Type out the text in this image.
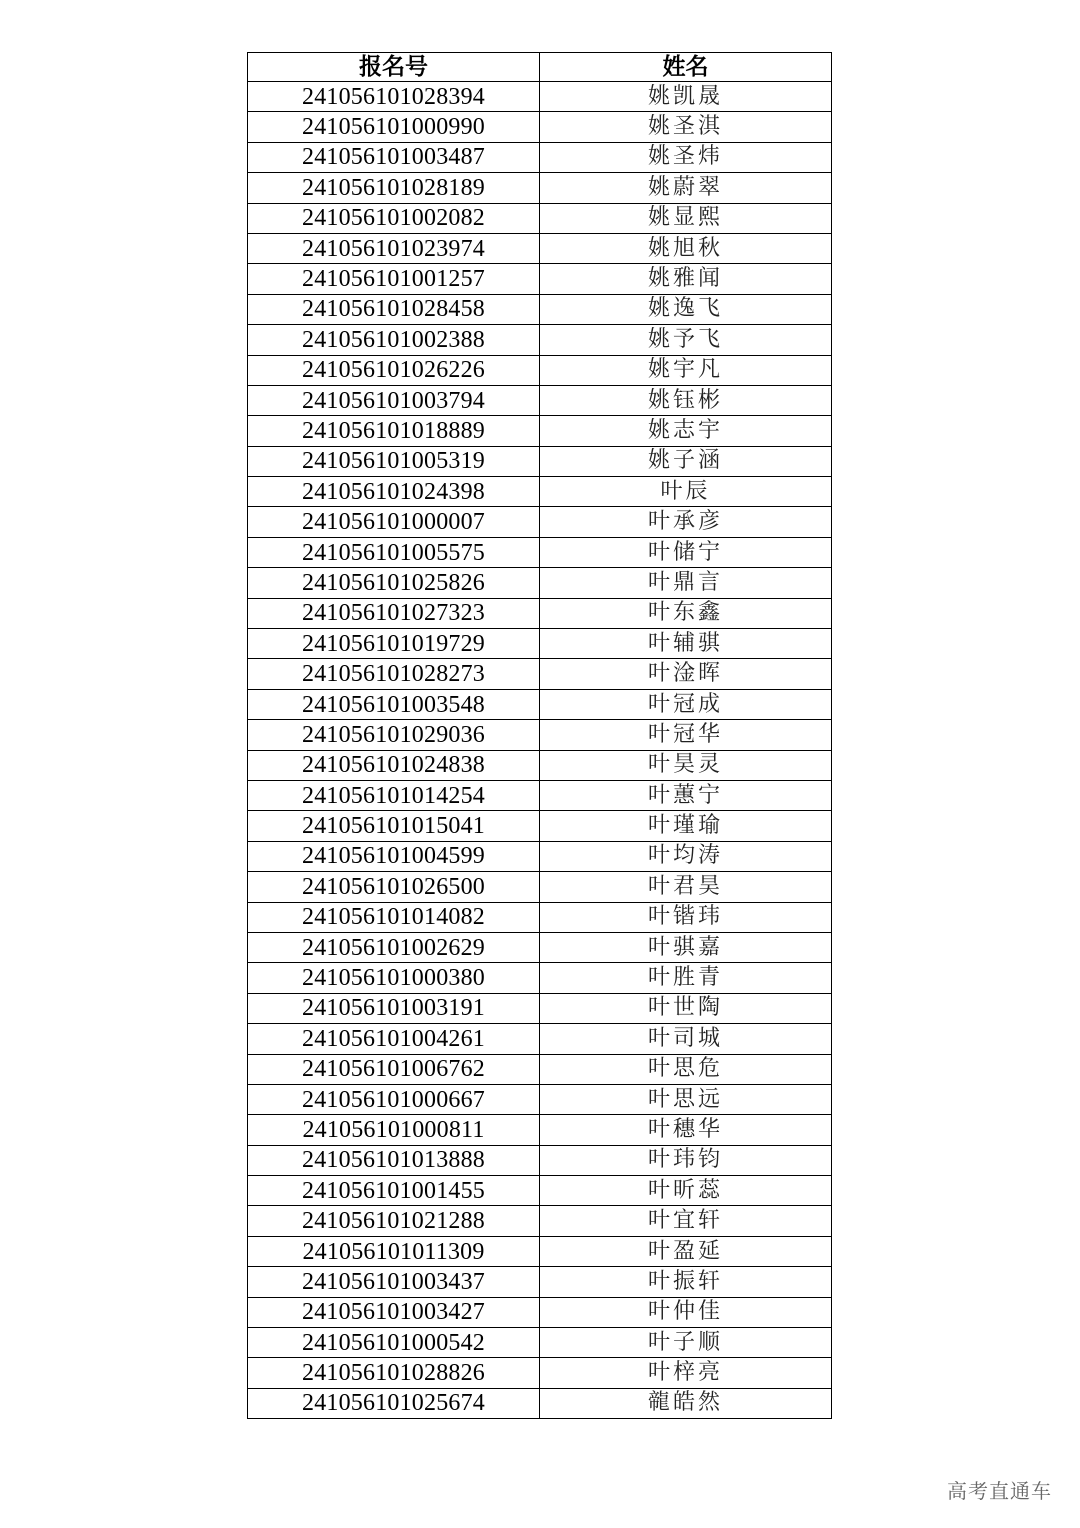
报名号	姓名
241056101028394	姚凯晟
241056101000990	姚圣淇
241056101003487	姚圣炜
241056101028189	姚蔚翠
241056101002082	姚显熙
241056101023974	姚旭秋
241056101001257	姚雅闻
241056101028458	姚逸飞
241056101002388	姚予飞
241056101026226	姚宇凡
241056101003794	姚钰彬
241056101018889	姚志宇
241056101005319	姚子涵
241056101024398	叶辰
241056101000007	叶承彦
241056101005575	叶储宁
241056101025826	叶鼎言
241056101027323	叶东鑫
241056101019729	叶辅骐
241056101028273	叶淦晖
241056101003548	叶冠成
241056101029036	叶冠华
241056101024838	叶昊灵
241056101014254	叶蕙宁
241056101015041	叶瑾瑜
241056101004599	叶均涛
241056101026500	叶君昊
241056101014082	叶锴玮
241056101002629	叶骐嘉
241056101000380	叶胜青
241056101003191	叶世陶
241056101004261	叶司城
241056101006762	叶思危
241056101000667	叶思远
241056101000811	叶穗华
241056101013888	叶玮钧
241056101001455	叶昕蕊
241056101021288	叶宜轩
241056101011309	叶盈延
241056101003437	叶振轩
241056101003427	叶仲佳
241056101000542	叶子顺
241056101028826	叶梓亮
241056101025674	㡣皓然
高考直通车
